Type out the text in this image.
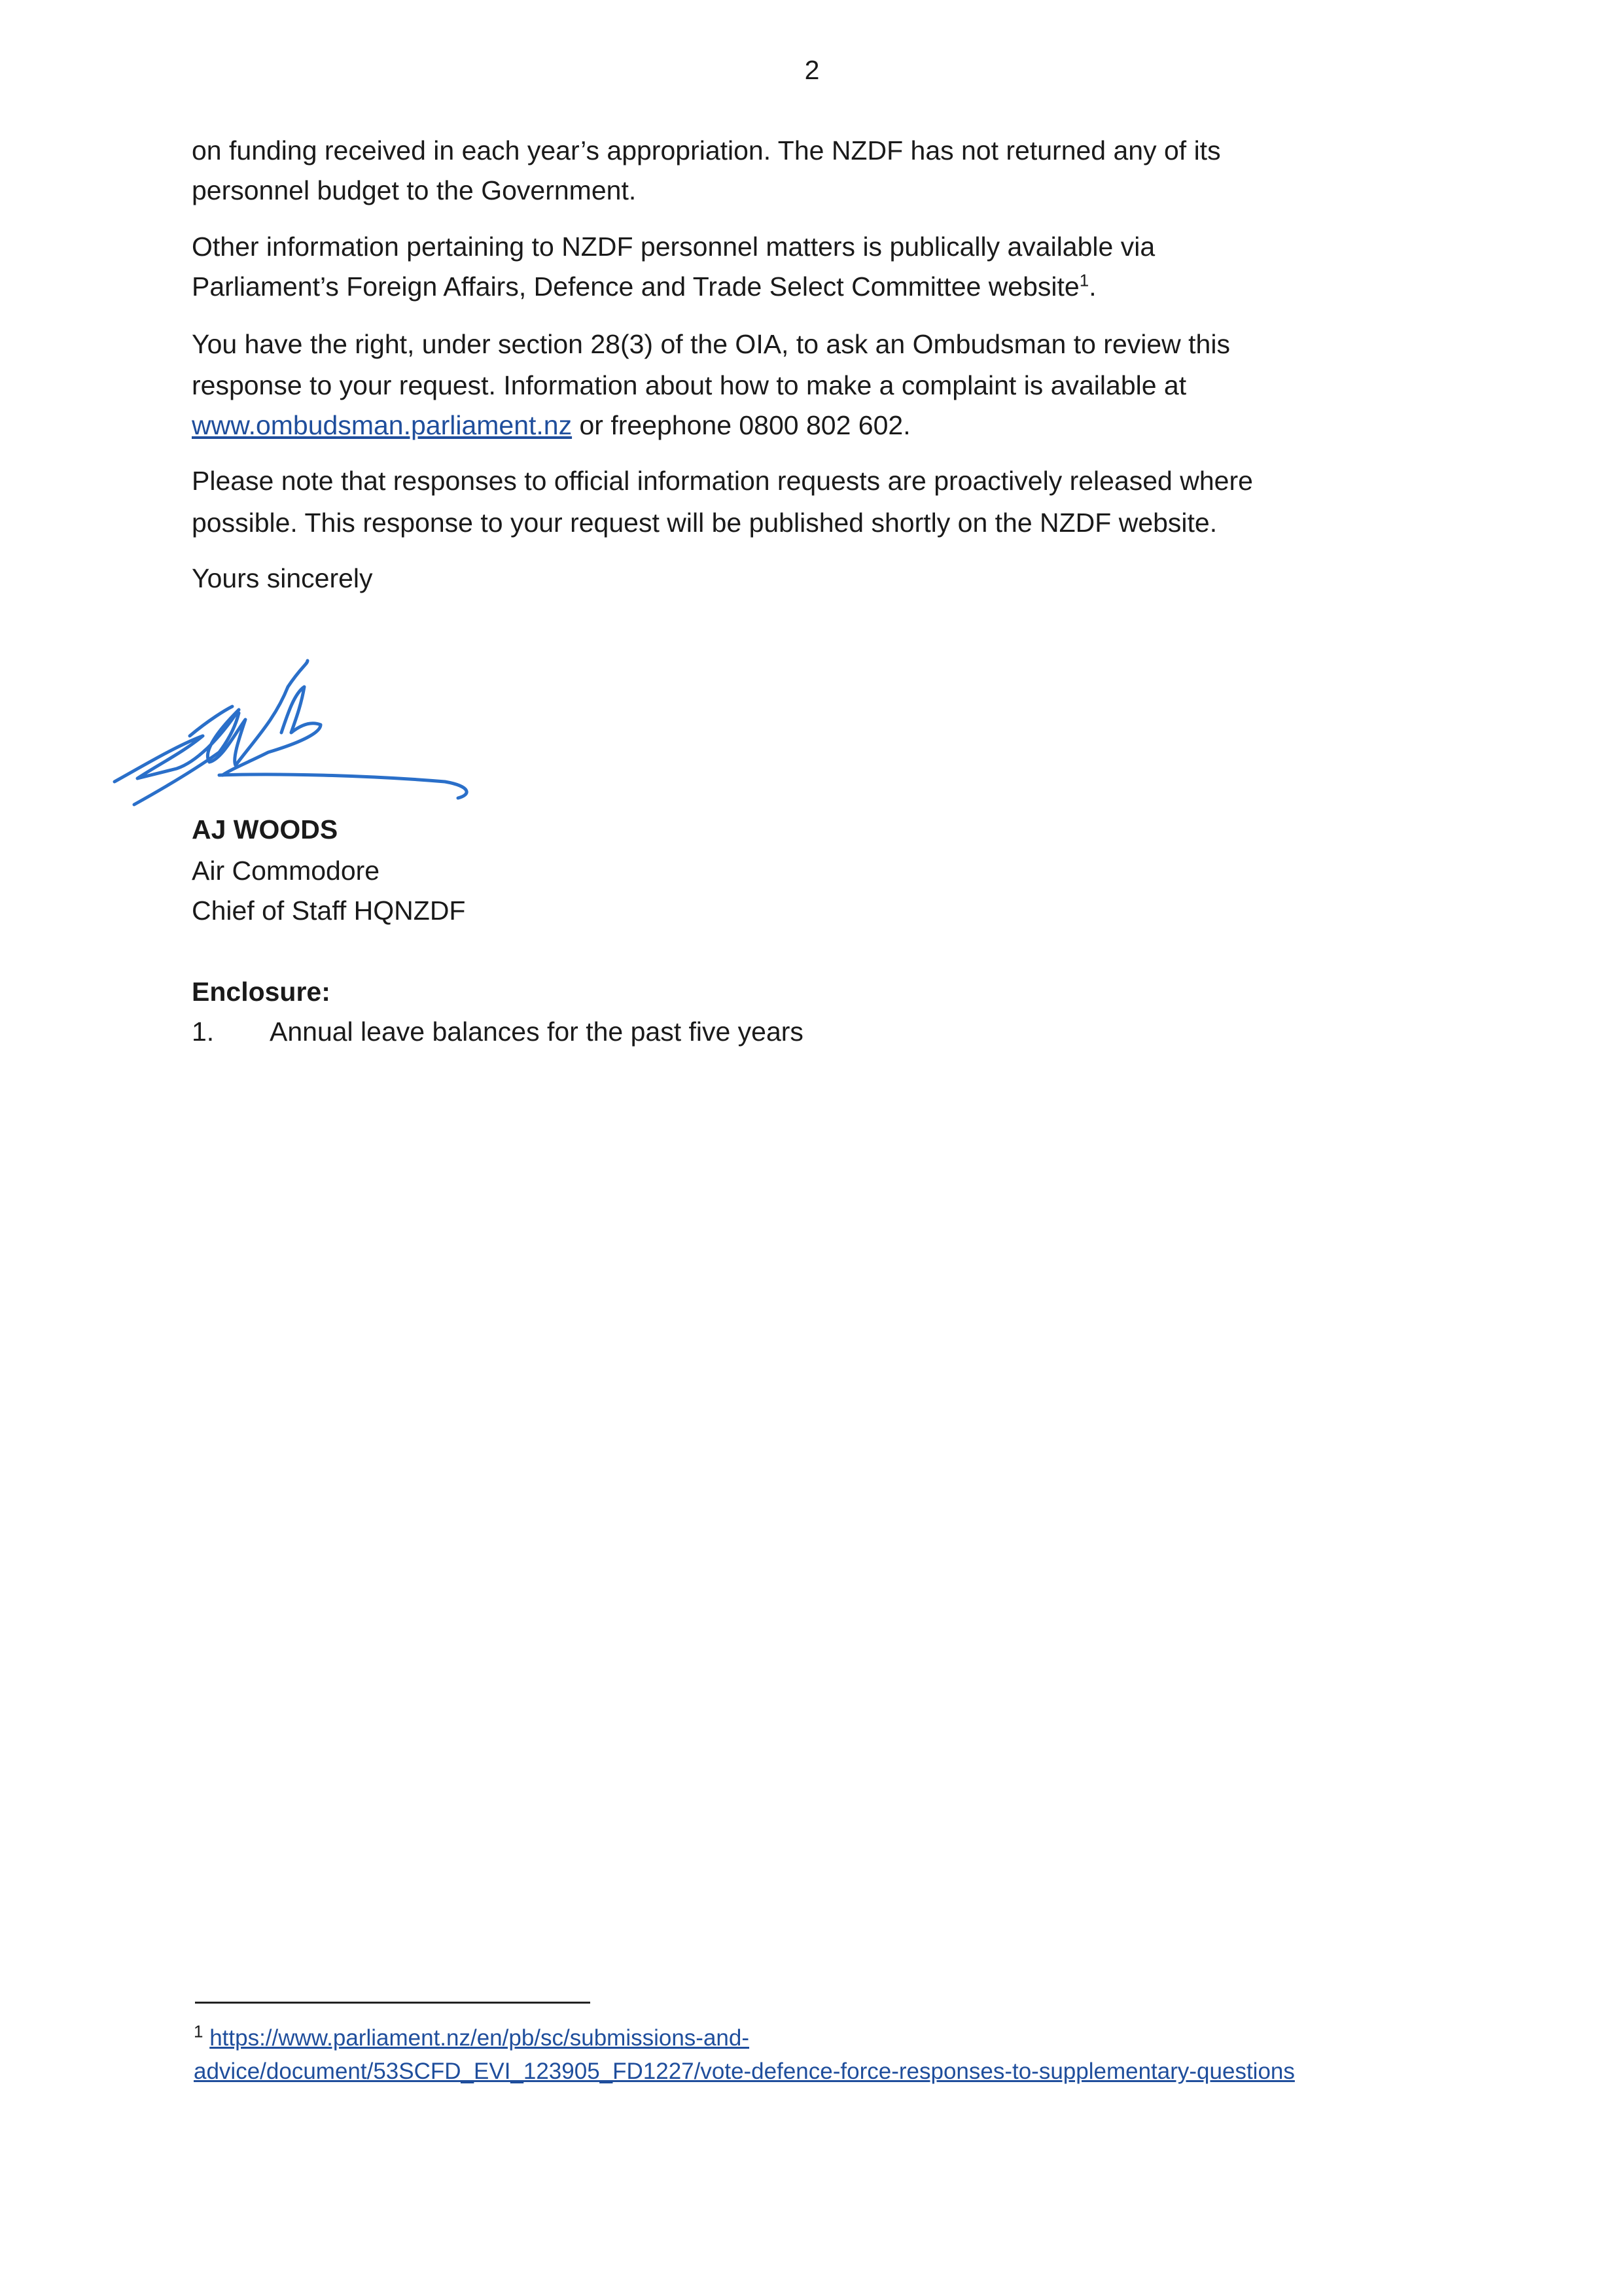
2
on funding received in each year’s appropriation. The NZDF has not returned any of its
personnel budget to the Government.
Other information pertaining to NZDF personnel matters is publically available via
Parliament’s Foreign Affairs, Defence and Trade Select Committee website$^1$.
You have the right, under section 28(3) of the OIA, to ask an Ombudsman to review this
response to your request. Information about how to make a complaint is available at
www.ombudsman.parliament.nz or freephone 0800 802 602.
Please note that responses to official information requests are proactively released where
possible. This response to your request will be published shortly on the NZDF website.
Yours sincerely
AJ WOODS
Air Commodore
Chief of Staff HQNZDF
Enclosure:
1. Annual leave balances for the past five years
$^1$ https://www.parliament.nz/en/pb/sc/submissions-and-
advice/document/53SCFD_EVI_123905_FD1227/vote-defence-force-responses-to-supplementary-questions
